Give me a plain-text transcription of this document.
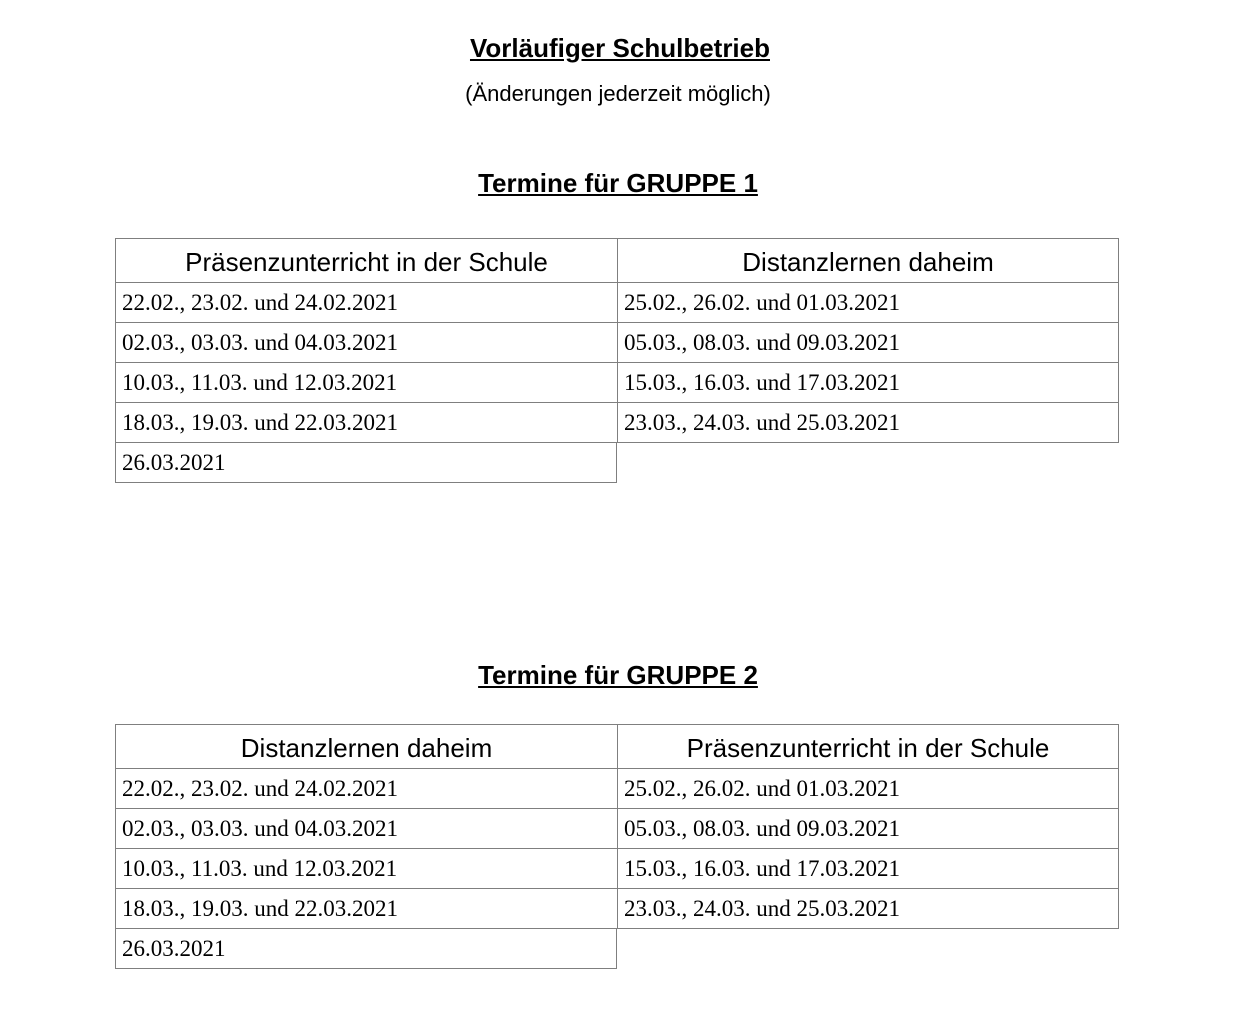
Vorläufiger Schulbetrieb
(Änderungen jederzeit möglich)
Termine für GRUPPE 1
Präsenzunterricht in der Schule	Distanzlernen daheim
22.02., 23.02. und 24.02.2021	25.02., 26.02. und 01.03.2021
02.03., 03.03. und 04.03.2021	05.03., 08.03. und 09.03.2021
10.03., 11.03. und 12.03.2021	15.03., 16.03. und 17.03.2021
18.03., 19.03. und 22.03.2021	23.03., 24.03. und 25.03.2021
26.03.2021
Termine für GRUPPE 2
Distanzlernen daheim	Präsenzunterricht in der Schule
22.02., 23.02. und 24.02.2021	25.02., 26.02. und 01.03.2021
02.03., 03.03. und 04.03.2021	05.03., 08.03. und 09.03.2021
10.03., 11.03. und 12.03.2021	15.03., 16.03. und 17.03.2021
18.03., 19.03. und 22.03.2021	23.03., 24.03. und 25.03.2021
26.03.2021
